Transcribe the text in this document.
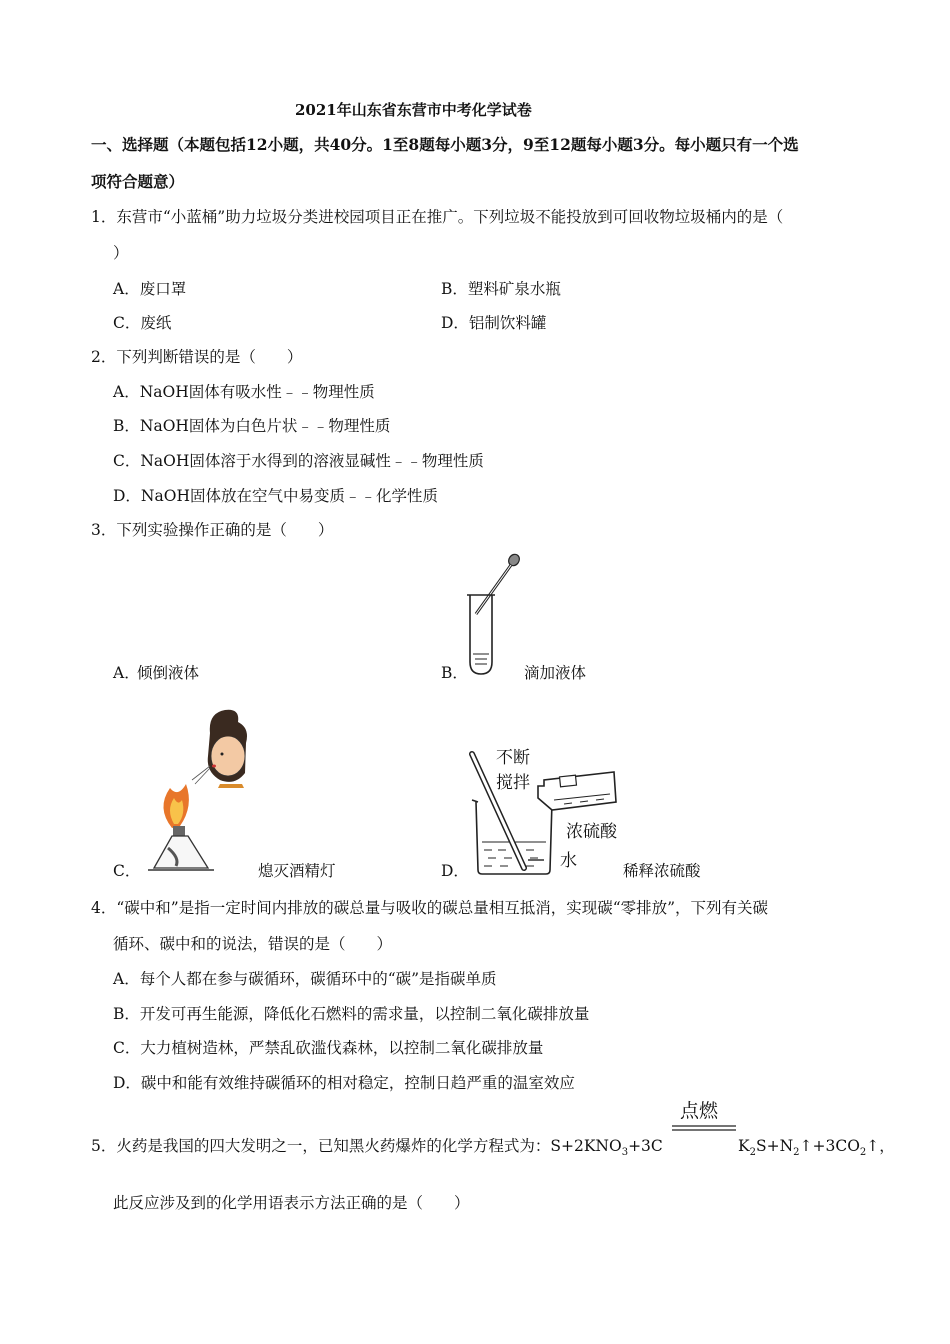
2021年山东省东营市中考化学试卷
一、选择题（本题包括12小题，共40分。1至8题每小题3分，9至12题每小题3分。每小题只有一个选
项符合题意）
1．东营市“小蓝桶”助力垃圾分类进校园项目正在推广。下列垃圾不能投放到可回收物垃圾桶内的是（
）
A．废口罩	B．塑料矿泉水瓶
C．废纸	D．铝制饮料罐
2．下列判断错误的是（　　）
A．NaOH固体有吸水性﹣﹣物理性质
B．NaOH固体为白色片状﹣﹣物理性质
C．NaOH固体溶于水得到的溶液显碱性﹣﹣物理性质
D．NaOH固体放在空气中易变质﹣﹣化学性质
3．下列实验操作正确的是（　　）
A．
倾倒液体	B．	滴加液体
C．	熄灭酒精灯
不断
搅拌
浓硫酸
水
D．	稀释浓硫酸
4．“碳中和”是指一定时间内排放的碳总量与吸收的碳总量相互抵消，实现碳“零排放”，下列有关碳
循环、碳中和的说法，错误的是（　　）
A．每个人都在参与碳循环，碳循环中的“碳”是指碳单质
B．开发可再生能源，降低化石燃料的需求量，以控制二氧化碳排放量
C．大力植树造林，严禁乱砍滥伐森林，以控制二氧化碳排放量
D．碳中和能有效维持碳循环的相对稳定，控制日趋严重的温室效应
点燃
5．火药是我国的四大发明之一，已知黑火药爆炸的化学方程式为：$S+2KNO_3+3C$	$K_2S+N_2↑+3CO_2↑$，
此反应涉及到的化学用语表示方法正确的是（　　）
